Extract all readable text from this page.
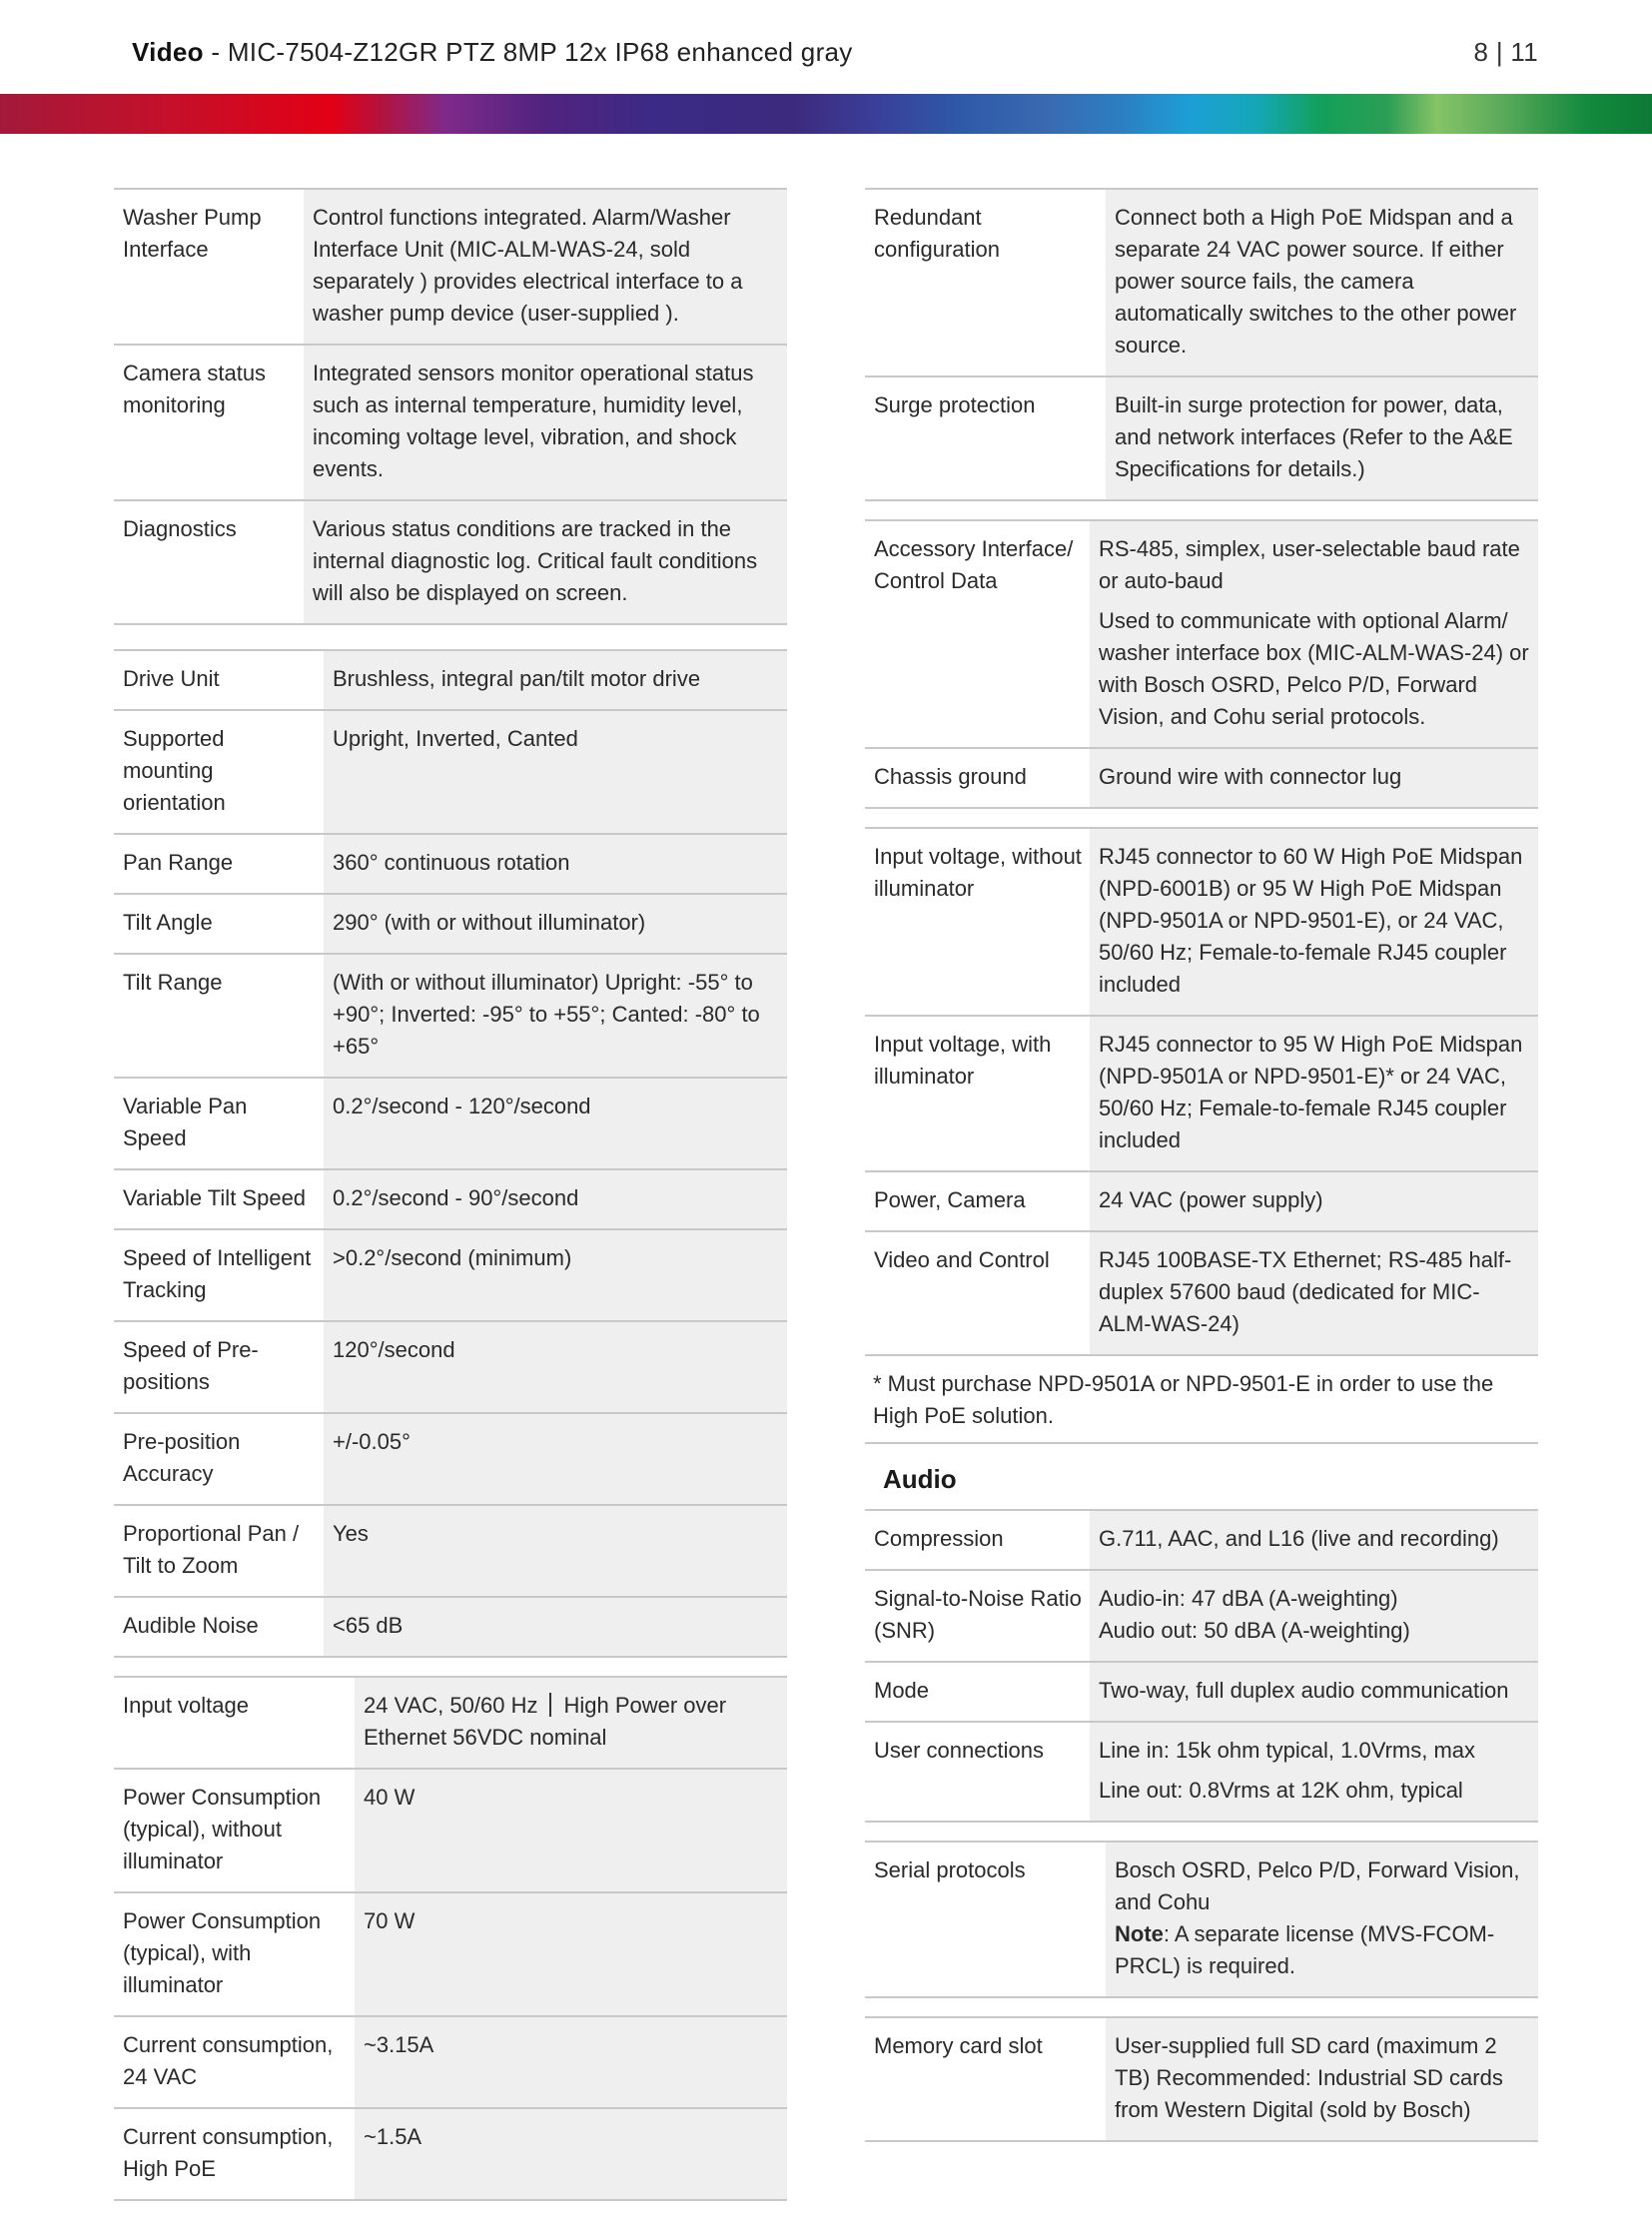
Video - MIC-7504-Z12GR PTZ 8MP 12x IP68 enhanced gray	8 | 11
Washer Pump Interface	Control functions integrated. Alarm/Washer Interface Unit (MIC-ALM-WAS-24, sold separately ) provides electrical interface to a washer pump device (user-supplied ).
Camera status monitoring	Integrated sensors monitor operational status such as internal temperature, humidity level, incoming voltage level, vibration, and shock events.
Diagnostics	Various status conditions are tracked in the internal diagnostic log. Critical fault conditions will also be displayed on screen.
Drive Unit	Brushless, integral pan/tilt motor drive
Supported mounting orientation	Upright, Inverted, Canted
Pan Range	360° continuous rotation
Tilt Angle	290° (with or without illuminator)
Tilt Range	(With or without illuminator) Upright: -55° to +90°; Inverted: -95° to +55°; Canted: -80° to +65°
Variable Pan Speed	0.2°/second - 120°/second
Variable Tilt Speed	0.2°/second - 90°/second
Speed of Intelligent Tracking	>0.2°/second (minimum)
Speed of Pre-positions	120°/second
Pre-position Accuracy	+/-0.05°
Proportional Pan / Tilt to Zoom	Yes
Audible Noise	<65 dB
Input voltage	24 VAC, 50/60 Hz High Power over Ethernet 56VDC nominal
Power Consumption (typical), without illuminator	40 W
Power Consumption (typical), with illuminator	70 W
Current consumption, 24 VAC	~3.15A
Current consumption, High PoE	~1.5A
Redundant configuration	Connect both a High PoE Midspan and a separate 24 VAC power source. If either power source fails, the camera automatically switches to the other power source.
Surge protection	Built-in surge protection for power, data, and network interfaces (Refer to the A&E Specifications for details.)
Accessory Interface/ Control Data	RS-485, simplex, user-selectable baud rate or auto-baud
Used to communicate with optional Alarm/ washer interface box (MIC-ALM-WAS-24) or with Bosch OSRD, Pelco P/D, Forward Vision, and Cohu serial protocols.

Chassis ground	Ground wire with connector lug
Input voltage, without illuminator	RJ45 connector to 60 W High PoE Midspan (NPD-6001B) or 95 W High PoE Midspan (NPD-9501A or NPD-9501-E), or 24 VAC, 50/60 Hz; Female-to-female RJ45 coupler included
Input voltage, with illuminator	RJ45 connector to 95 W High PoE Midspan (NPD-9501A or NPD-9501-E)* or 24 VAC, 50/60 Hz; Female-to-female RJ45 coupler included
Power, Camera	24 VAC (power supply)
Video and Control	RJ45 100BASE-TX Ethernet; RS-485 half-duplex 57600 baud (dedicated for MIC-ALM-WAS-24)
* Must purchase NPD-9501A or NPD-9501-E in order to use the High PoE solution.
Audio
Compression	G.711, AAC, and L16 (live and recording)
Signal-to-Noise Ratio (SNR)	Audio-in: 47 dBA (A-weighting)
Audio out: 50 dBA (A-weighting)

Mode	Two-way, full duplex audio communication
User connections	Line in: 15k ohm typical, 1.0Vrms, max
Line out: 0.8Vrms at 12K ohm, typical
Serial protocols	Bosch OSRD, Pelco P/D, Forward Vision, and Cohu
Note: A separate license (MVS-FCOM-PRCL) is required.
Memory card slot	User-supplied full SD card (maximum 2 TB) Recommended: Industrial SD cards from Western Digital (sold by Bosch)
